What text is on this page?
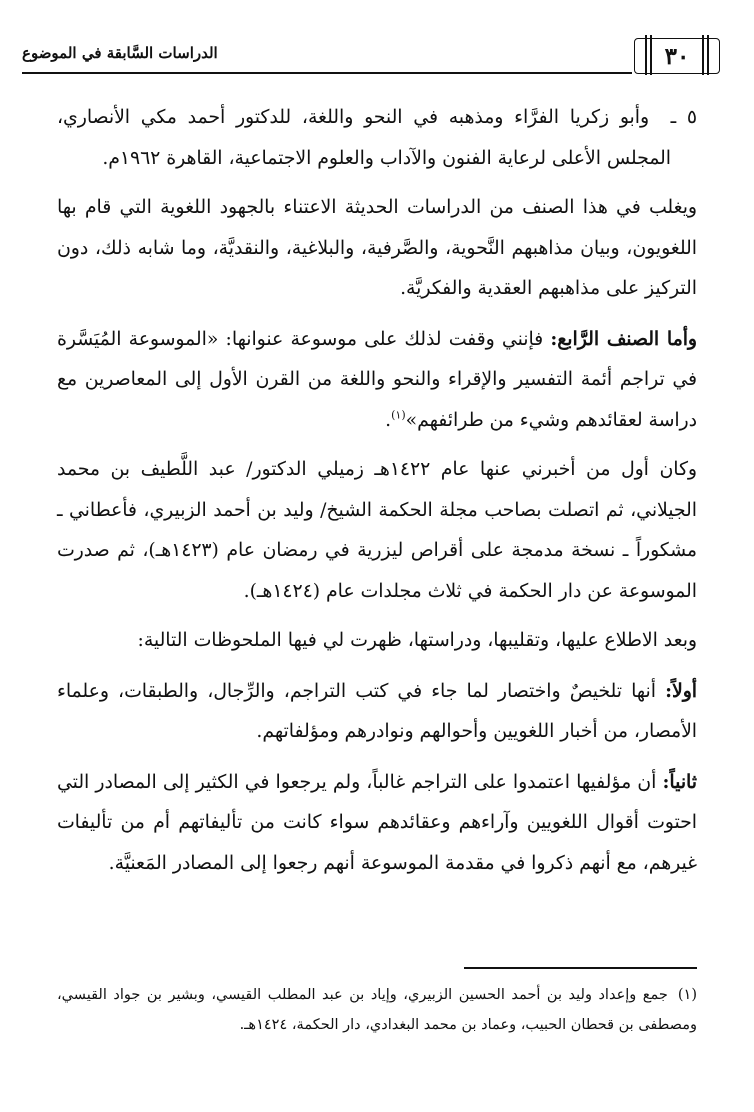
٣٠
الدراسات السَّابقة في الموضوع

٥ ـ  وأبو زكريا الفرَّاء ومذهبه في النحو واللغة، للدكتور أحمد مكي الأنصاري، المجلس الأعلى لرعاية الفنون والآداب والعلوم الاجتماعية، القاهرة ١٩٦٢م.

ويغلب في هذا الصنف من الدراسات الحديثة الاعتناء بالجهود اللغوية التي قام بها اللغويون، وبيان مذاهبهم النَّحوية، والصَّرفية، والبلاغية، والنقديَّة، وما شابه ذلك، دون التركيز على مذاهبهم العقدية والفكريَّة.

وأما الصنف الرَّابع: فإنني وقفت لذلك على موسوعة عنوانها: «الموسوعة المُيَسَّرة في تراجم أئمة التفسير والإقراء والنحو واللغة من القرن الأول إلى المعاصرين مع دراسة لعقائدهم وشيء من طرائفهم»$^{(١)}$.

وكان أول من أخبرني عنها عام ١٤٢٢هـ زميلي الدكتور/ عبد اللَّطيف بن محمد الجيلاني، ثم اتصلت بصاحب مجلة الحكمة الشيخ/ وليد بن أحمد الزبيري، فأعطاني ـ مشكوراً ـ نسخة مدمجة على أقراص ليزرية في رمضان عام (١٤٢٣هـ)، ثم صدرت الموسوعة عن دار الحكمة في ثلاث مجلدات عام (١٤٢٤هـ).

وبعد الاطلاع عليها، وتقليبها، ودراستها، ظهرت لي فيها الملحوظات التالية:

أولاً: أنها تلخيصٌ واختصار لما جاء في كتب التراجم، والرِّجال، والطبقات، وعلماء الأمصار، من أخبار اللغويين وأحوالهم ونوادرهم ومؤلفاتهم.

ثانياً: أن مؤلفيها اعتمدوا على التراجم غالباً، ولم يرجعوا في الكثير إلى المصادر التي احتوت أقوال اللغويين وآراءهم وعقائدهم سواء كانت من تأليفاتهم أم من تأليفات غيرهم، مع أنهم ذكروا في مقدمة الموسوعة أنهم رجعوا إلى المصادر المَعنيَّة.

(١)جمع وإعداد وليد بن أحمد الحسين الزبيري، وإياد بن عبد المطلب القيسي، وبشير بن جواد القيسي، ومصطفى بن قحطان الحبيب، وعماد بن محمد البغدادي، دار الحكمة، ١٤٢٤هـ.
